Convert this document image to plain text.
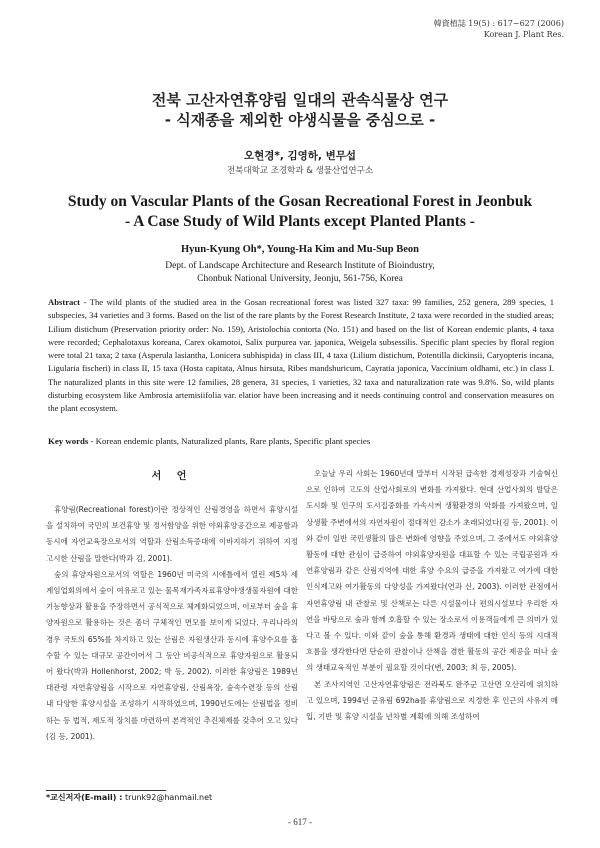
韓資植誌 19(5) : 617~627 (2006)
Korean J. Plant Res.
전북 고산자연휴양림 일대의 관속식물상 연구
- 식재종을 제외한 야생식물을 중심으로 -
오현경*, 김영하, 변무섭
전북대학교 조경학과 & 생물산업연구소
Study on Vascular Plants of the Gosan Recreational Forest in Jeonbuk
- A Case Study of Wild Plants except Planted Plants -
Hyun-Kyung Oh*, Young-Ha Kim and Mu-Sup Beon
Dept. of Landscape Architecture and Research Institute of Bioindustry,
Chonbuk National University, Jeonju, 561-756, Korea
Abstract - The wild plants of the studied area in the Gosan recreational forest was listed 327 taxa: 99 families, 252 genera, 289 species, 1 subspecies, 34 varieties and 3 forms. Based on the list of the rare plants by the Forest Research Institute, 2 taxa were recorded in the studied areas; Lilium distichum (Preservation priority order: No. 159), Aristolochia contorta (No. 151) and based on the list of Korean endemic plants, 4 taxa were recorded; Cephalotaxus koreana, Carex okamotoi, Salix purpurea var. japonica, Weigela subsessilis. Specific plant species by floral region were total 21 taxa; 2 taxa (Asperula lasiantha, Lonicera subhispida) in class III, 4 taxa (Lilium distichum, Potentilla dickinsii, Caryopteris incana, Ligularia fischeri) in class II, 15 taxa (Hosta capitata, Alnus hirsuta, Ribes mandshuricum, Cayratia japonica, Vaccinium oldhami, etc.) in class I. The naturalized plants in this site were 12 families, 28 genera, 31 species, 1 varieties, 32 taxa and naturalization rate was 9.8%. So, wild plants disturbing ecosystem like Ambrosia artemisiifolia var. elatior have been increasing and it needs continuing control and conservation measures on the plant ecosystem.
Key words - Korean endemic plants, Naturalized plants, Rare plants, Specific plant species
서 언

휴양림(Recreational forest)이란 정상적인 산림경영을 하면서 휴양시설을 설치하여 국민의 보건휴양 및 정서함양을 위한 야외휴양공간으로 제공함과 동시에 자연교육장으로서의 역할과 산림소득증대에 이바지하기 위하여 지정고시한 산림을 말한다(박과 김, 2001).

숲의 휴양자원으로서의 역할은 1960년 미국의 시애틀에서 열린 제5차 세계임업회의에서 숲이 여유로고 있는 물목재가족자료휴양야생생물자원에 대한 기능향상과 활용을 주장하면서 공식적으로 체계화되었으며, 이로부터 숲을 휴양자원으로 활용하는 것은 좀더 구체적인 면모를 보이게 되었다. 우리나라의 경우 국토의 65%를 차지하고 있는 산림은 자원생산과 동시에 휴양수요를 흡수할 수 있는 대규모 공간이어서 그 동안 비공식적으로 휴양자원으로 활용되어 왔다(박과 Hollenhorst, 2002; 박 등, 2002). 이러한 휴양림은 1989년 대관령 자연휴양림을 시작으로 자연휴양림, 산림욕장, 숲속수련장 등의 산림 내 다양한 휴양시설을 조성하기 시작하였으며, 1990년도에는 산림법을 정비하는 등 법적, 제도적 장치를 마련하여 본격적인 추진체제를 갖추어 오고 있다(김 등, 2001).

오늘날 우리 사회는 1960년대 말부터 시작된 급속한 경제성장과 기술혁신으로 인하여 고도의 산업사회로의 변화를 가져왔다. 현대 산업사회의 발달은 도시화 및 인구의 도시집중화를 가속시켜 생활환경의 악화를 가져왔으며, 일상생활 주변에서의 자연자원이 절대적인 감소가 초래되었다(김 등, 2001). 이와 같이 일반 국민생활의 많은 변화에 영향을 주었으며, 그 중에서도 야외휴양활동에 대한 관심이 급증하여 야외휴양자원을 대표할 수 있는 국립공원과 자연휴양림과 같은 산림지역에 대한 휴양 수요의 급증을 가져왔고 여가에 대한 인식제고와 여가활동의 다양성을 가져왔다(연과 신, 2003). 이러한 관점에서 자연휴양림 내 관찰로 및 산책로는 다른 시설물이나 편의시설보다 우리한 자연을 바탕으로 숲과 함께 호흡할 수 있는 장소로서 이용객들에게 큰 의미가 있다고 볼 수 있다. 이와 같이 숲을 통해 환경과 생태에 대한 인식 등의 시대적 흐름을 생각한다면 단순히 관찰이나 산책을 겸한 활동의 공간 제공을 떠나 숲의 생태교육적인 부분이 필요할 것이다(변, 2003; 최 등, 2005).

본 조사지역인 고산자연휴양림은 전라북도 완주군 고산면 오산리에 위치하고 있으며, 1994년 군유림 692ha를 휴양림으로 지정한 후 인근의 사유지 매입, 기반 및 휴양 시설을 년차별 계획에 의해 조성하여

*교신저자(E-mail) : trunk92@hanmail.net
- 617 -
